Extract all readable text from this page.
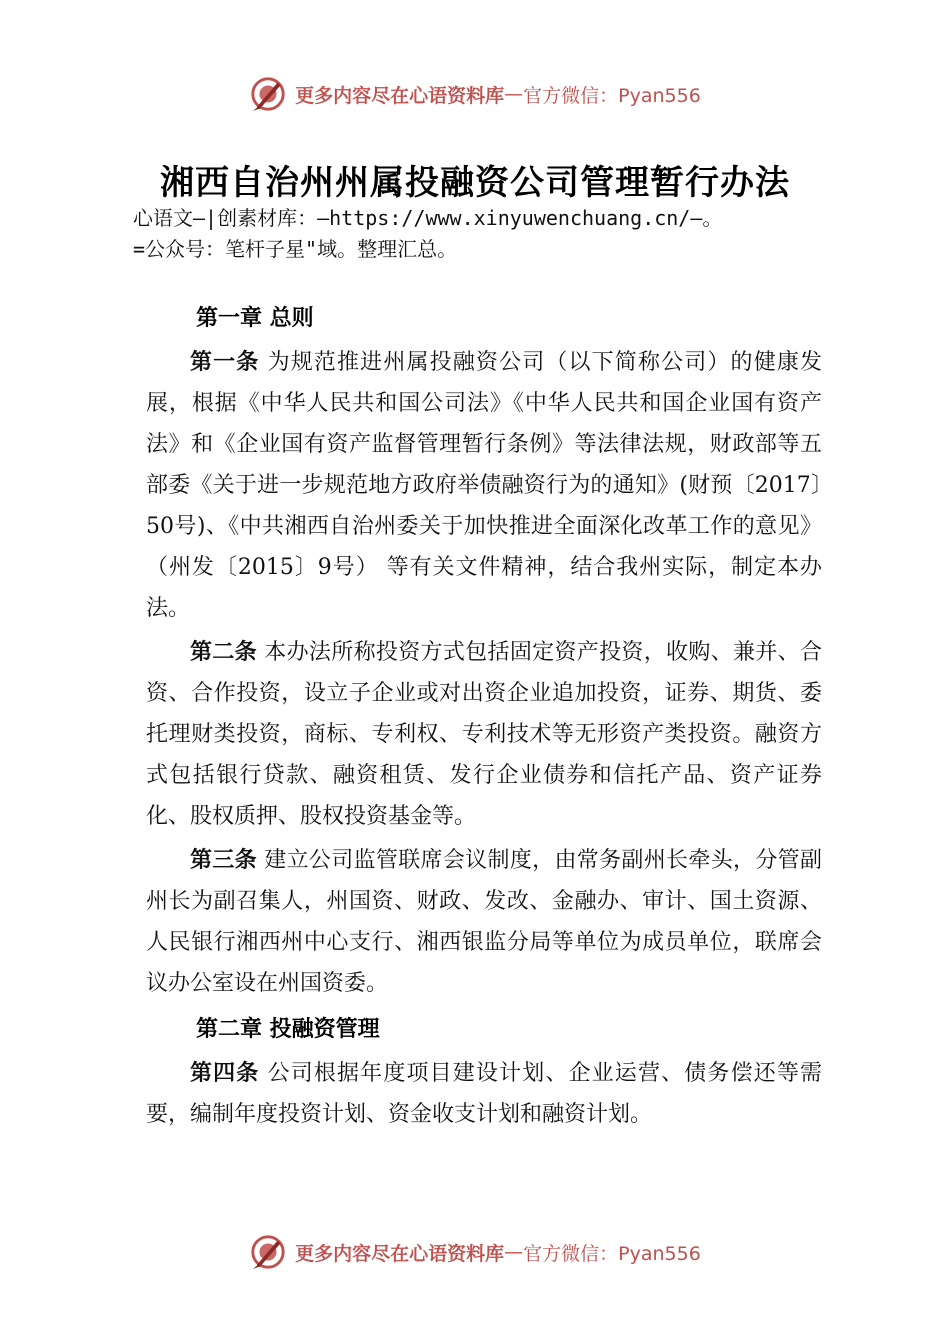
更多内容尽在心语资料库 — 官方微信：Pyan556
湘西自治州州属投融资公司管理暂行办法
心语文—|创素材库：—https://www.xinyuwenchuang.cn/—。
=公众号：笔杆子星"域。整理汇总。
第一章 总则

第一条 为规范推进州属投融资公司（以下简称公司）的健康发展，根据《中华人民共和国公司法》《中华人民共和国企业国有资产法》和《企业国有资产监督管理暂行条例》等法律法规，财政部等五部委《关于进一步规范地方政府举债融资行为的通知》(财预〔2017〕50号)、《中共湘西自治州委关于加快推进全面深化改革工作的意见》（州发〔2015〕9号） 等有关文件精神，结合我州实际，制定本办法。

第二条 本办法所称投资方式包括固定资产投资，收购、兼并、合资、合作投资，设立子企业或对出资企业追加投资，证券、期货、委托理财类投资，商标、专利权、专利技术等无形资产类投资。融资方式包括银行贷款、融资租赁、发行企业债券和信托产品、资产证券化、股权质押、股权投资基金等。

第三条 建立公司监管联席会议制度，由常务副州长牵头，分管副州长为副召集人，州国资、财政、发改、金融办、审计、国土资源、人民银行湘西州中心支行、湘西银监分局等单位为成员单位，联席会议办公室设在州国资委。

第二章 投融资管理

第四条 公司根据年度项目建设计划、企业运营、债务偿还等需要，编制年度投资计划、资金收支计划和融资计划。

更多内容尽在心语资料库 — 官方微信：Pyan556
